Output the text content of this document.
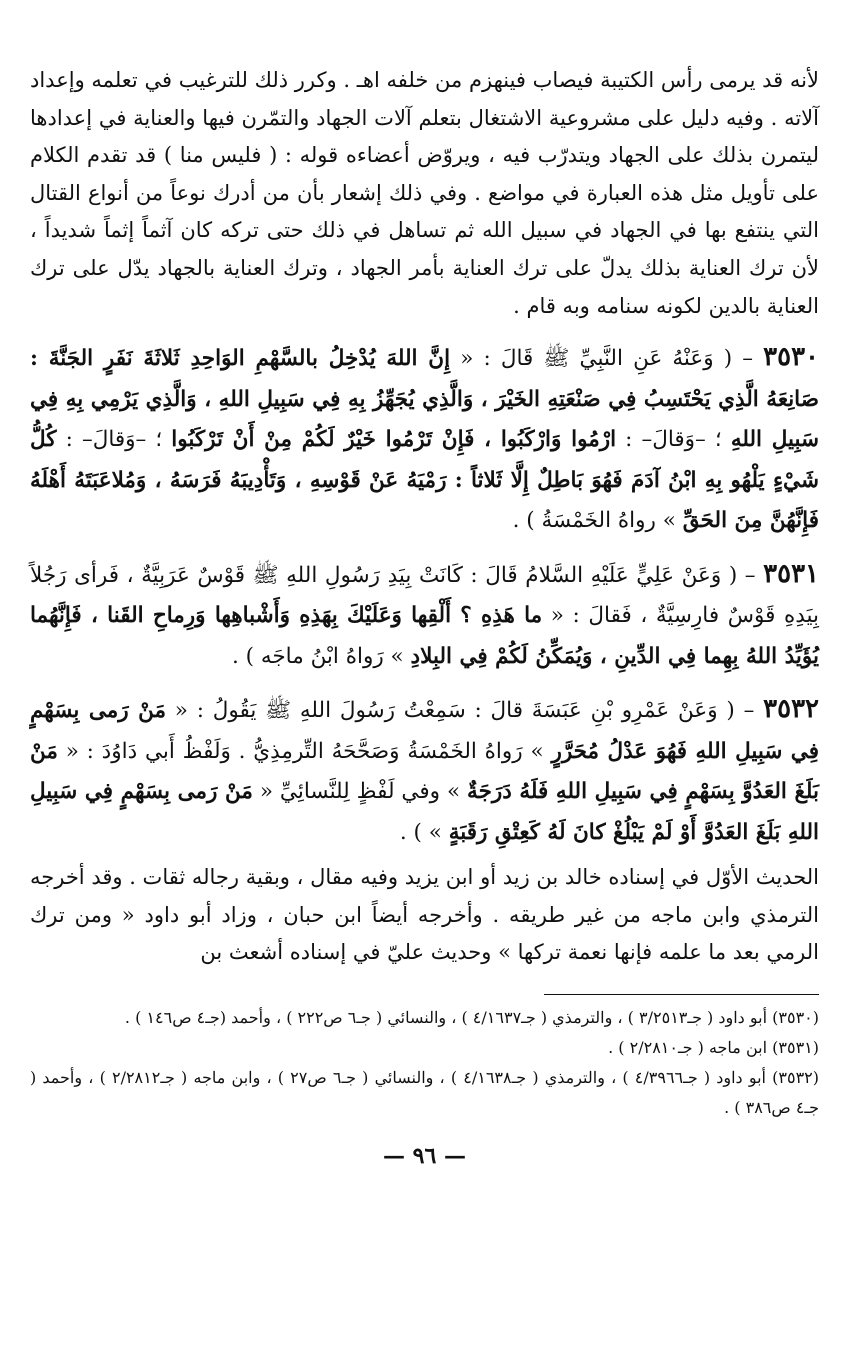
لأنه قد يرمى رأس الكتيبة فيصاب فينهزم من خلفه اهـ . وكرر ذلك للترغيب في تعلمه وإعداد آلاته . وفيه دليل على مشروعية الاشتغال بتعلم آلات الجهاد والتمّرن فيها والعناية في إعدادها ليتمرن بذلك على الجهاد ويتدرّب فيه ، ويروّض أعضاءه قوله : ( فليس منا ) قد تقدم الكلام على تأويل مثل هذه العبارة في مواضع . وفي ذلك إشعار بأن من أدرك نوعاً من أنواع القتال التي ينتفع بها في الجهاد في سبيل الله ثم تساهل في ذلك حتى تركه كان آثماً إثماً شديداً ، لأن ترك العناية بذلك يدلّ على ترك العناية بأمر الجهاد ، وترك العناية بالجهاد يدّل على ترك العناية بالدين لكونه سنامه وبه قام .

٣٥٣٠ – ( وَعَنْهُ عَنِ النَّبِيِّ ﷺ قَالَ : « إِنَّ اللهَ يُدْخِلُ بالسَّهْمِ الوَاحِدِ ثَلاثَةَ نَفَرٍ الجَنَّةَ : صَانِعَهُ الَّذِي يَحْتَسِبُ فِي صَنْعَتِهِ الخَيْرَ ، وَالَّذِي يُجَهِّزُ بِهِ فِي سَبِيلِ اللهِ ، وَالَّذِي يَرْمِي بِهِ فِي سَبِيلِ اللهِ ؛ –وَقالَ– : ارْمُوا وَارْكَبُوا ، فَإِنْ تَرْمُوا خَيْرٌ لَكُمْ مِنْ أَنْ تَرْكَبُوا ؛ –وَقالَ– : كُلُّ شَيْءٍ يَلْهُو بِهِ ابْنُ آدَمَ فَهُوَ بَاطِلٌ إِلَّا ثَلاثاً : رَمْيَهُ عَنْ قَوْسِهِ ، وَتَأْدِيبَهُ فَرَسَهُ ، وَمُلاعَبَتَهُ أَهْلَهُ فَإِنَّهُنَّ مِنَ الحَقِّ » رواهُ الخَمْسَةُ ) .

٣٥٣١ – ( وَعَنْ عَلِيٍّ عَلَيْهِ السَّلامُ قَالَ : كَانَتْ بِيَدِ رَسُولِ اللهِ ﷺ قَوْسٌ عَرَبِيَّةٌ ، فَرأى رَجُلاً بِيَدِهِ قَوْسٌ فارِسِيَّةٌ ، فَقالَ : « ما هَذِهِ ؟ أَلْقِها وَعَلَيْكَ بِهَذِهِ وَأَشْباهِها وَرِماحِ القَنا ، فَإِنَّهُما يُؤَيِّدُ اللهُ بِهِما فِي الدِّينِ ، وَيُمَكِّنُ لَكُمْ فِي البِلادِ » رَواهُ ابْنُ ماجَه ) .

٣٥٣٢ – ( وَعَنْ عَمْرِو بْنِ عَبَسَةَ قالَ : سَمِعْتُ رَسُولَ اللهِ ﷺ يَقُولُ : « مَنْ رَمى بِسَهْمٍ فِي سَبِيلِ اللهِ فَهُوَ عَدْلُ مُحَرَّرٍ » رَواهُ الخَمْسَةُ وَصَحَّحَهُ التِّرمِذِيُّ . وَلَفْظُ أَبي دَاوُدَ : « مَنْ بَلَغَ العَدُوَّ بِسَهْمٍ فِي سَبِيلِ اللهِ فَلَهُ دَرَجَةٌ » وفي لَفْظٍ لِلنَّسائِيِّ « مَنْ رَمى بِسَهْمٍ فِي سَبِيلِ اللهِ بَلَغَ العَدُوَّ أَوْ لَمْ يَبْلُغْ كانَ لَهُ كَعِتْقِ رَقَبَةٍ » ) .

الحديث الأوّل في إسناده خالد بن زيد أو ابن يزيد وفيه مقال ، وبقية رجاله ثقات . وقد أخرجه الترمذي وابن ماجه من غير طريقه . وأخرجه أيضاً ابن حبان ، وزاد أبو داود « ومن ترك الرمي بعد ما علمه فإنها نعمة تركها » وحديث عليّ في إسناده أشعث بن

(٣٥٣٠) أبو داود ( جـ٣/٢٥١٣ ) ، والترمذي ( جـ٤/١٦٣٧ ) ، والنسائي ( جـ٦ ص٢٢٢ ) ، وأحمد (جـ٤ ص١٤٦ ) .

(٣٥٣١) ابن ماجه ( جـ٢/٢٨١٠ ) .

(٣٥٣٢) أبو داود ( جـ٤/٣٩٦٦ ) ، والترمذي ( جـ٤/١٦٣٨ ) ، والنسائي ( جـ٦ ص٢٧ ) ، وابن ماجه ( جـ٢/٢٨١٢ ) ، وأحمد ( جـ٤ ص٣٨٦ ) .

— ٩٦ —
